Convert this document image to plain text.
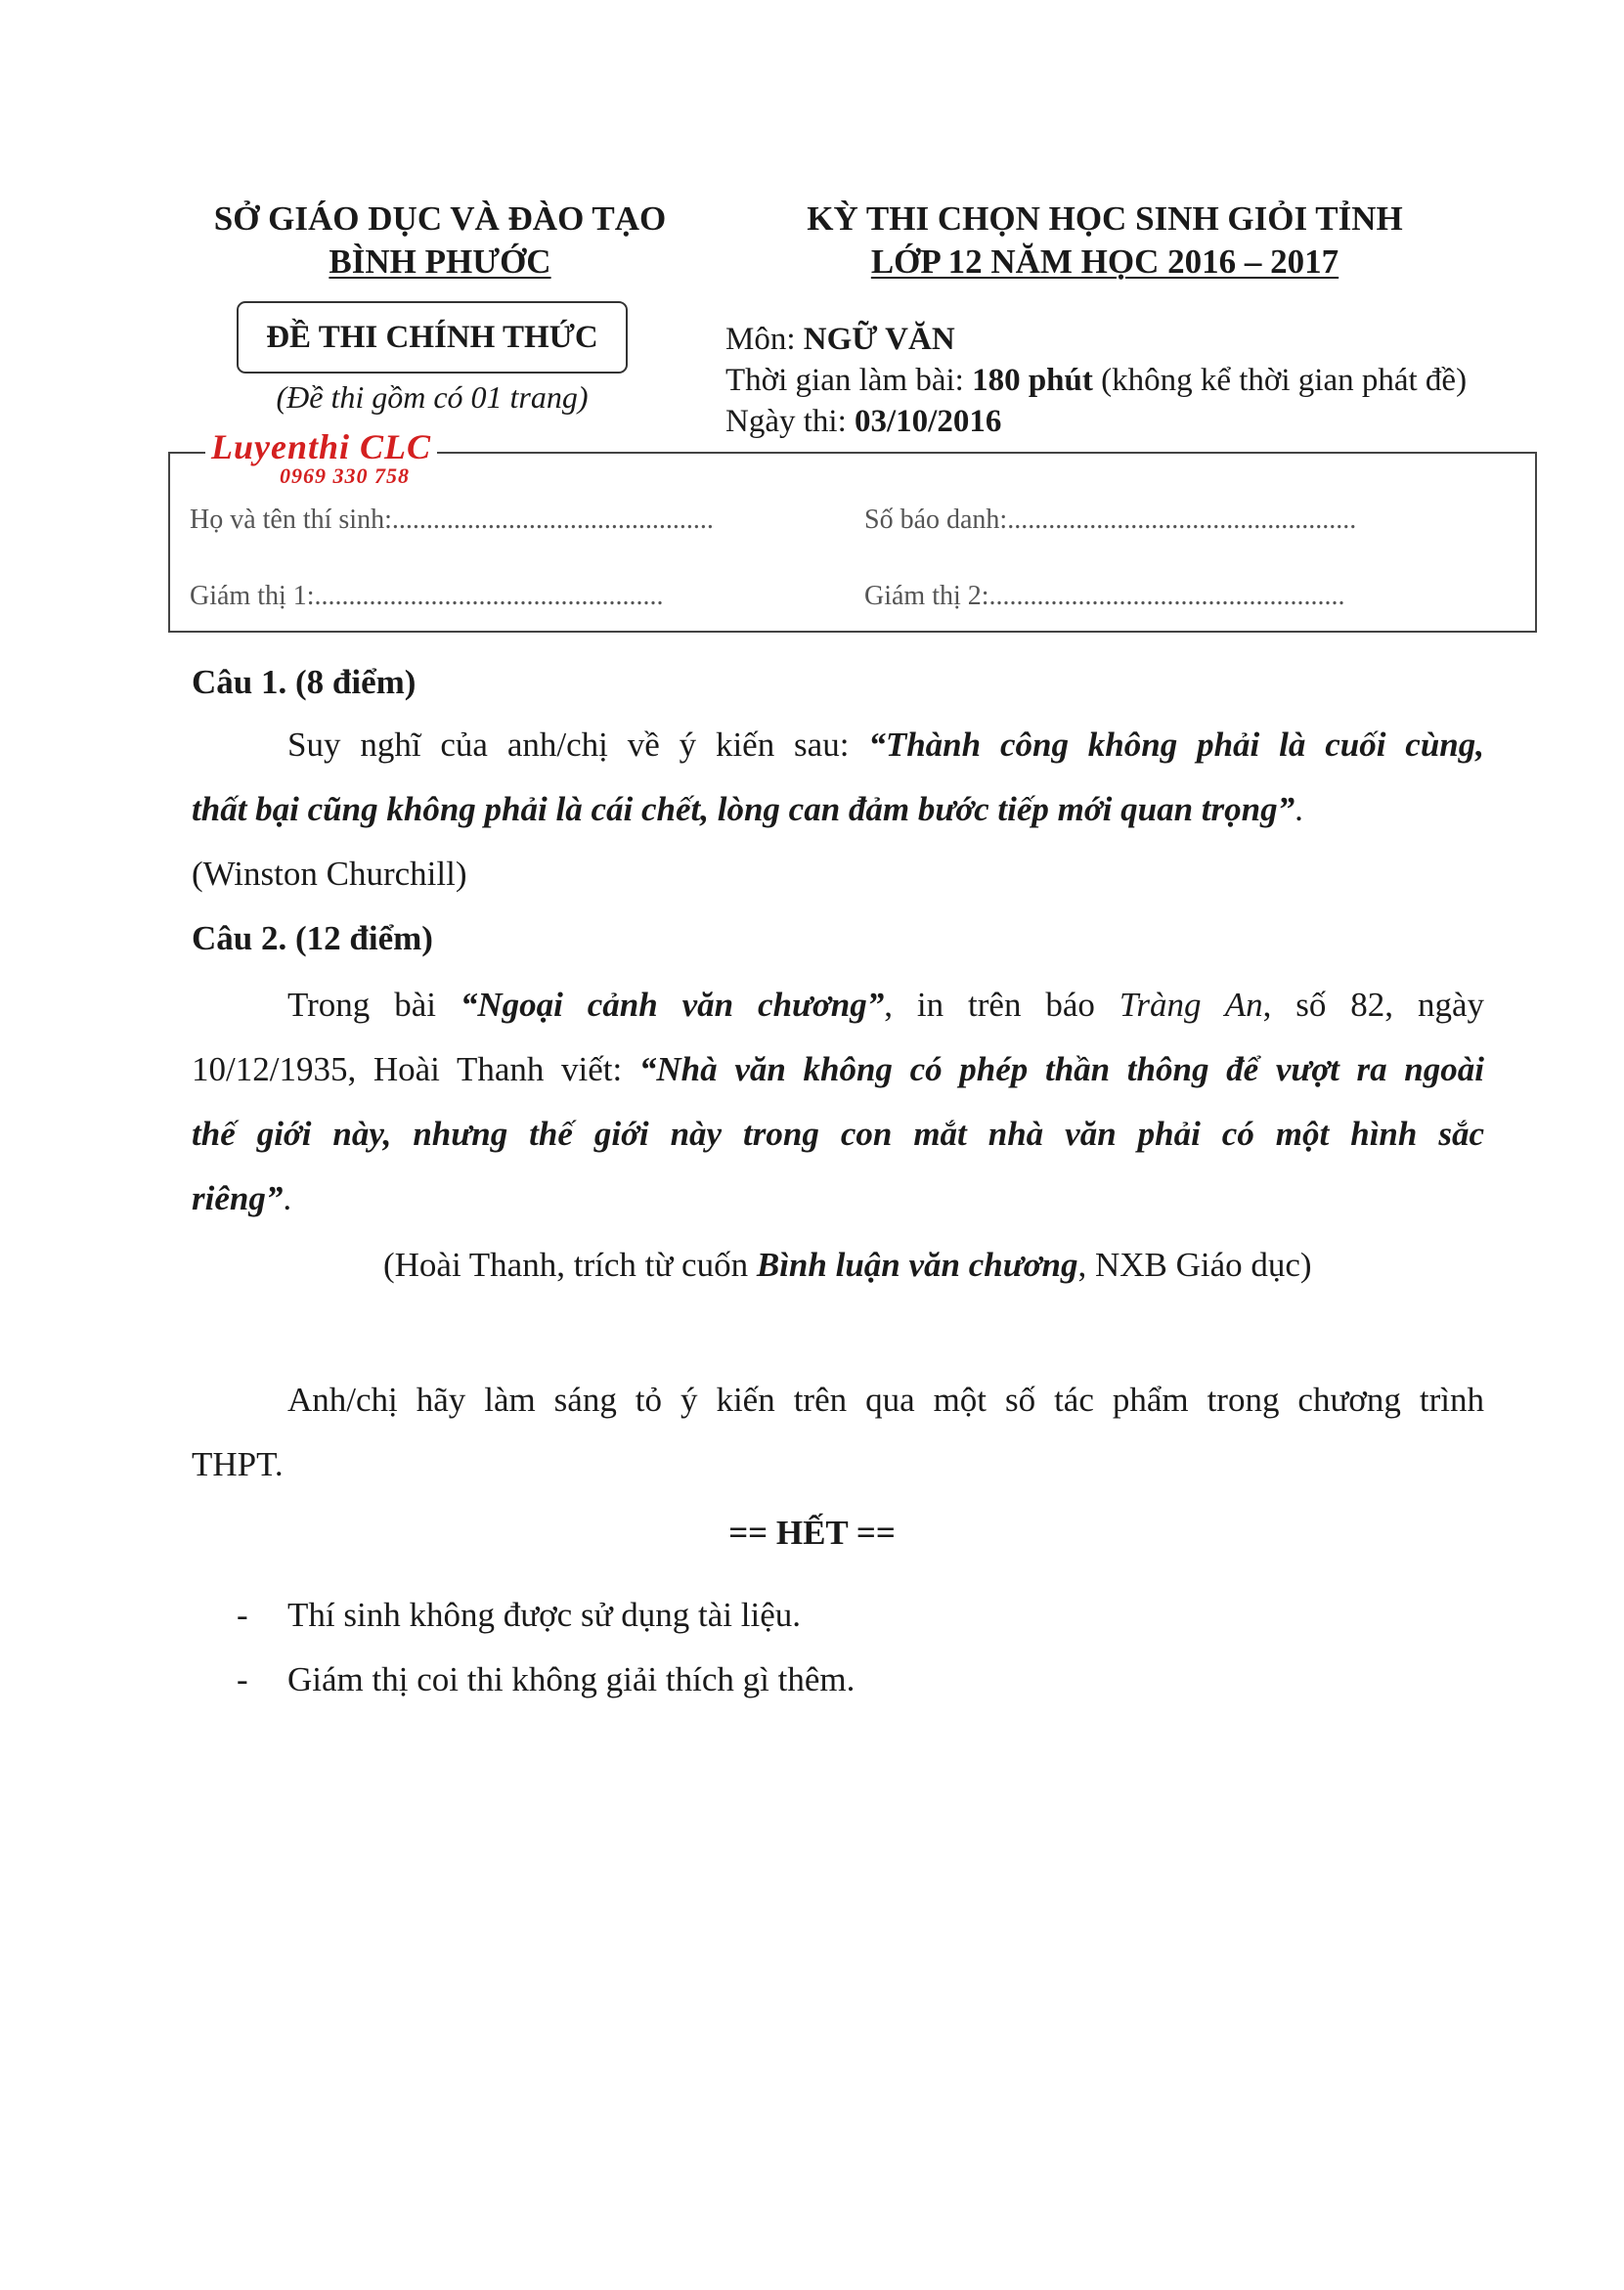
SỞ GIÁO DỤC VÀ ĐÀO TẠO
BÌNH PHƯỚC
KỲ THI CHỌN HỌC SINH GIỎI TỈNH
LỚP 12 NĂM HỌC 2016 – 2017
ĐỀ THI CHÍNH THỨC
(Đề thi gồm có 01 trang)
Môn: NGỮ VĂN
Thời gian làm bài: 180 phút (không kể thời gian phát đề)
Ngày thi: 03/10/2016
Họ và tên thí sinh:...............................................	Số báo danh:...................................................
Giám thị 1:...................................................	Giám thị 2:....................................................
Luyenthi CLC
0969 330 758
Câu 1. (8 điểm)
Suy nghĩ của anh/chị về ý kiến sau: “Thành công không phải là cuối cùng,
thất bại cũng không phải là cái chết, lòng can đảm bước tiếp mới quan trọng”.
(Winston Churchill)
Câu 2. (12 điểm)
Trong bài “Ngoại cảnh văn chương”, in trên báo Tràng An, số 82, ngày
10/12/1935, Hoài Thanh viết: “Nhà văn không có phép thần thông để vượt ra ngoài
thế giới này, nhưng thế giới này trong con mắt nhà văn phải có một hình sắc
riêng”.
(Hoài Thanh, trích từ cuốn Bình luận văn chương, NXB Giáo dục)
Anh/chị hãy làm sáng tỏ ý kiến trên qua một số tác phẩm trong chương trình
THPT.
== HẾT ==
- Thí sinh không được sử dụng tài liệu.
- Giám thị coi thi không giải thích gì thêm.
